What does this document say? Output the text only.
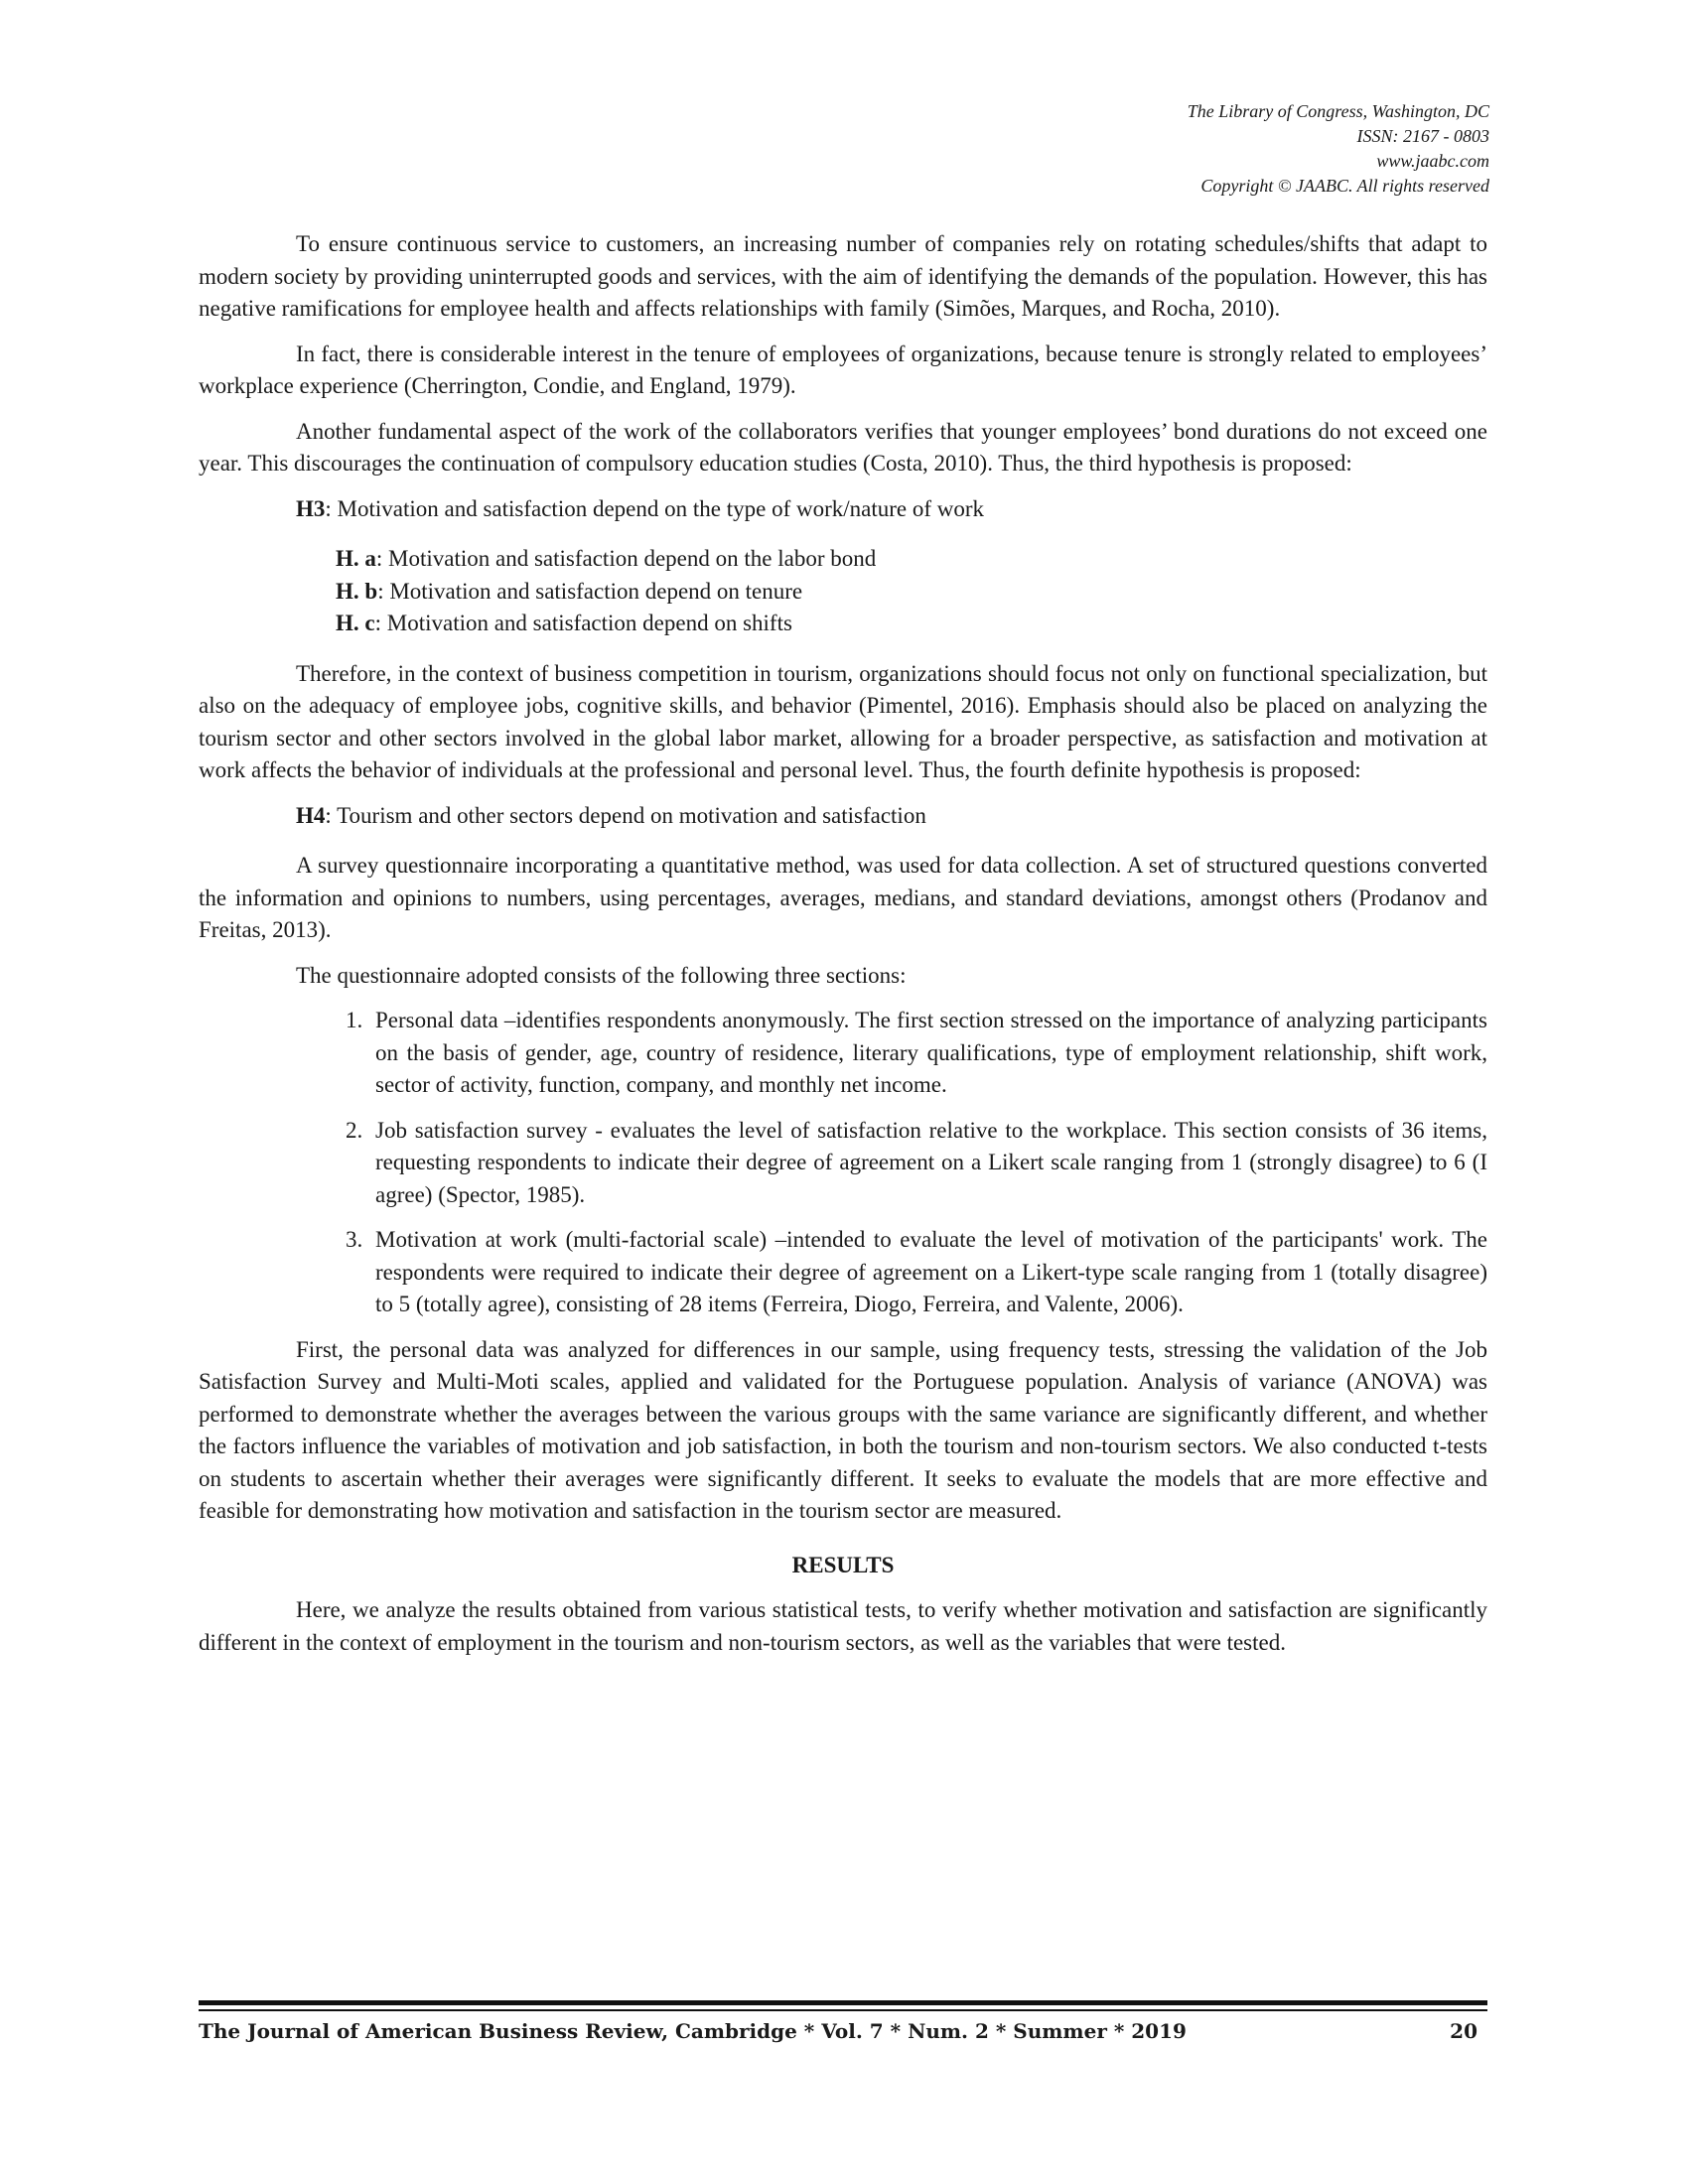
The Library of Congress, Washington, DC
ISSN: 2167 - 0803
www.jaabc.com
Copyright © JAABC. All rights reserved

To ensure continuous service to customers, an increasing number of companies rely on rotating schedules/shifts that adapt to modern society by providing uninterrupted goods and services, with the aim of identifying the demands of the population. However, this has negative ramifications for employee health and affects relationships with family (Simões, Marques, and Rocha, 2010).

In fact, there is considerable interest in the tenure of employees of organizations, because tenure is strongly related to employees’ workplace experience (Cherrington, Condie, and England, 1979).

Another fundamental aspect of the work of the collaborators verifies that younger employees’ bond durations do not exceed one year. This discourages the continuation of compulsory education studies (Costa, 2010). Thus, the third hypothesis is proposed:

H3: Motivation and satisfaction depend on the type of work/nature of work
H. a: Motivation and satisfaction depend on the labor bond
H. b: Motivation and satisfaction depend on tenure
H. c: Motivation and satisfaction depend on shifts

Therefore, in the context of business competition in tourism, organizations should focus not only on functional specialization, but also on the adequacy of employee jobs, cognitive skills, and behavior (Pimentel, 2016). Emphasis should also be placed on analyzing the tourism sector and other sectors involved in the global labor market, allowing for a broader perspective, as satisfaction and motivation at work affects the behavior of individuals at the professional and personal level. Thus, the fourth definite hypothesis is proposed:

H4: Tourism and other sectors depend on motivation and satisfaction

A survey questionnaire incorporating a quantitative method, was used for data collection. A set of structured questions converted the information and opinions to numbers, using percentages, averages, medians, and standard deviations, amongst others (Prodanov and Freitas, 2013).

The questionnaire adopted consists of the following three sections:

1. Personal data –identifies respondents anonymously. The first section stressed on the importance of analyzing participants on the basis of gender, age, country of residence, literary qualifications, type of employment relationship, shift work, sector of activity, function, company, and monthly net income.
2. Job satisfaction survey - evaluates the level of satisfaction relative to the workplace. This section consists of 36 items, requesting respondents to indicate their degree of agreement on a Likert scale ranging from 1 (strongly disagree) to 6 (I agree) (Spector, 1985).
3. Motivation at work (multi-factorial scale) –intended to evaluate the level of motivation of the participants' work. The respondents were required to indicate their degree of agreement on a Likert-type scale ranging from 1 (totally disagree) to 5 (totally agree), consisting of 28 items (Ferreira, Diogo, Ferreira, and Valente, 2006).

First, the personal data was analyzed for differences in our sample, using frequency tests, stressing the validation of the Job Satisfaction Survey and Multi-Moti scales, applied and validated for the Portuguese population. Analysis of variance (ANOVA) was performed to demonstrate whether the averages between the various groups with the same variance are significantly different, and whether the factors influence the variables of motivation and job satisfaction, in both the tourism and non-tourism sectors. We also conducted t-tests on students to ascertain whether their averages were significantly different. It seeks to evaluate the models that are more effective and feasible for demonstrating how motivation and satisfaction in the tourism sector are measured.

RESULTS

Here, we analyze the results obtained from various statistical tests, to verify whether motivation and satisfaction are significantly different in the context of employment in the tourism and non-tourism sectors, as well as the variables that were tested.

The Journal of American Business Review, Cambridge * Vol. 7 * Num. 2 * Summer * 2019	20
